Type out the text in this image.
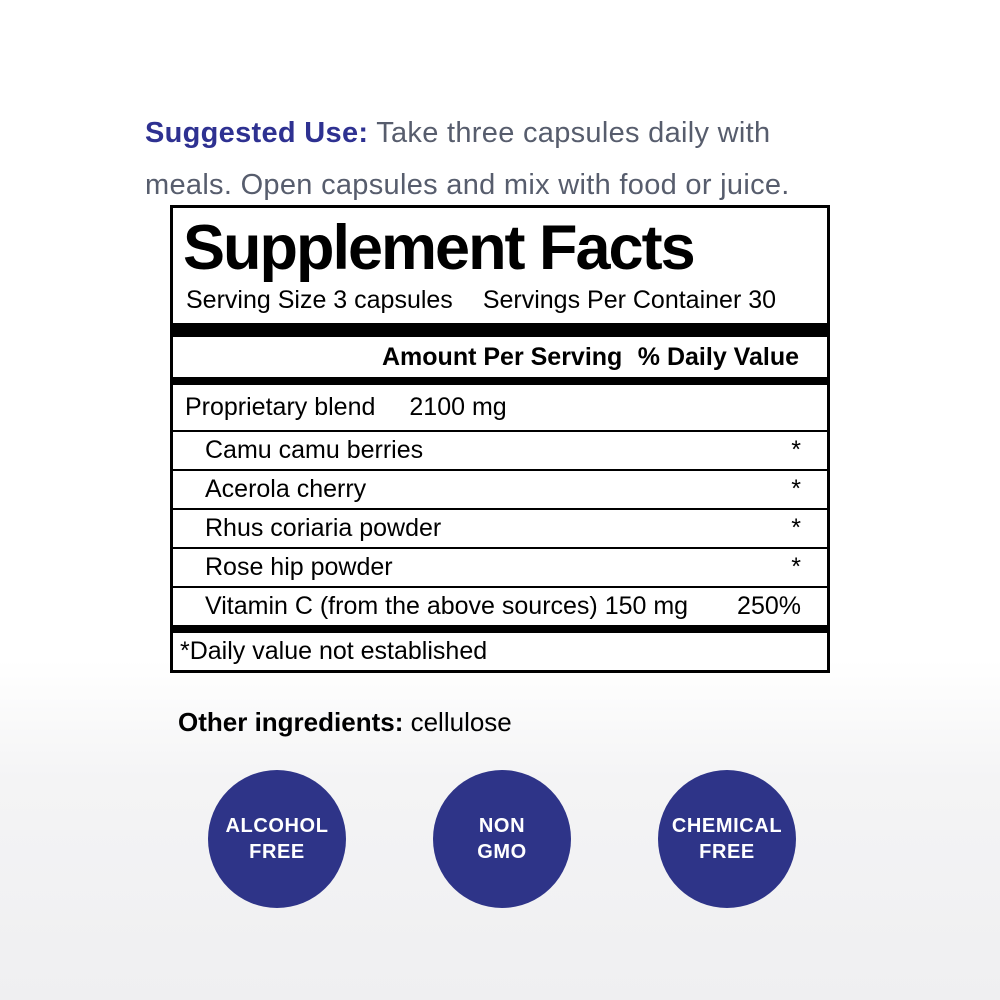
Suggested Use: Take three capsules daily with
meals. Open capsules and mix with food or juice.

Supplement Facts
Serving Size 3 capsules Servings Per Container 30
Amount Per Serving % Daily Value
Proprietary blend 2100 mg
Camu camu berries	*
Acerola cherry	*
Rhus coriaria powder	*
Rose hip powder	*
Vitamin C (from the above sources) 150 mg 250%
*Daily value not established

Other ingredients: cellulose

ALCOHOL
FREE
NON
GMO
CHEMICAL
FREE
